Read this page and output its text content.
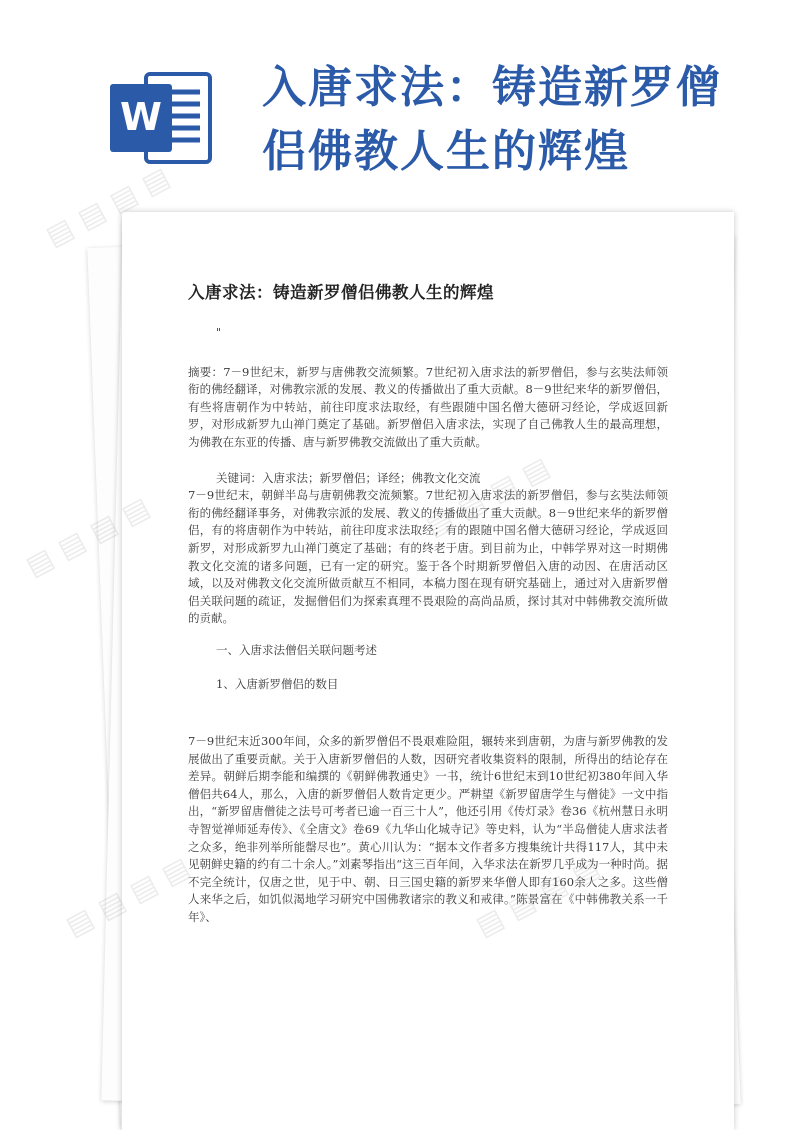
W
入唐求法：铸造新罗僧侣佛教人生的辉煌
入唐求法：铸造新罗僧侣佛教人生的辉煌
"

摘要：7－9世纪末，新罗与唐佛教交流频繁。7世纪初入唐求法的新罗僧侣，参与玄奘法师领衔的佛经翻译，对佛教宗派的发展、教义的传播做出了重大贡献。8－9世纪来华的新罗僧侣，有些将唐朝作为中转站，前往印度求法取经，有些跟随中国名僧大德研习经论，学成返回新罗，对形成新罗九山禅门奠定了基础。新罗僧侣入唐求法，实现了自己佛教人生的最高理想，为佛教在东亚的传播、唐与新罗佛教交流做出了重大贡献。

关键词：入唐求法；新罗僧侣；译经；佛教文化交流

7－9世纪末，朝鲜半岛与唐朝佛教交流频繁。7世纪初入唐求法的新罗僧侣，参与玄奘法师领衔的佛经翻译事务，对佛教宗派的发展、教义的传播做出了重大贡献。8－9世纪来华的新罗僧侣，有的将唐朝作为中转站，前往印度求法取经；有的跟随中国名僧大德研习经论，学成返回新罗，对形成新罗九山禅门奠定了基础；有的终老于唐。到目前为止，中韩学界对这一时期佛教文化交流的诸多问题，已有一定的研究。鉴于各个时期新罗僧侣入唐的动因、在唐活动区域，以及对佛教文化交流所做贡献互不相同，本稿力图在现有研究基础上，通过对入唐新罗僧侣关联问题的疏证，发掘僧侣们为探索真理不畏艰险的高尚品质，探讨其对中韩佛教交流所做的贡献。

一、入唐求法僧侣关联问题考述
1、入唐新罗僧侣的数目

7－9世纪末近300年间，众多的新罗僧侣不畏艰难险阻，辗转来到唐朝，为唐与新罗佛教的发展做出了重要贡献。关于入唐新罗僧侣的人数，因研究者收集资料的限制，所得出的结论存在差异。朝鲜后期李能和编撰的《朝鲜佛教通史》一书，统计6世纪末到10世纪初380年间入华僧侣共64人，那么，入唐的新罗僧侣人数肯定更少。严耕望《新罗留唐学生与僧徒》一文中指出，“新罗留唐僧徒之法号可考者已逾一百三十人”，他还引用《传灯录》卷36《杭州慧日永明寺智觉禅师延寿传》、《全唐文》卷69《九华山化城寺记》等史料，认为“半岛僧徒人唐求法者之众多，绝非列举所能罄尽也”。黄心川认为：“据本文作者多方搜集统计共得117人，其中未见朝鲜史籍的约有二十余人。”刘素琴指出“这三百年间，入华求法在新罗几乎成为一种时尚。据不完全统计，仅唐之世，见于中、朝、日三国史籍的新罗来华僧人即有160余人之多。这些僧人来华之后，如饥似渴地学习研究中国佛教诸宗的教义和戒律。”陈景富在《中韩佛教关系一千年》、

▤ ▤ ▤ ▤
▤ ▤ ▤ ▤
▤
